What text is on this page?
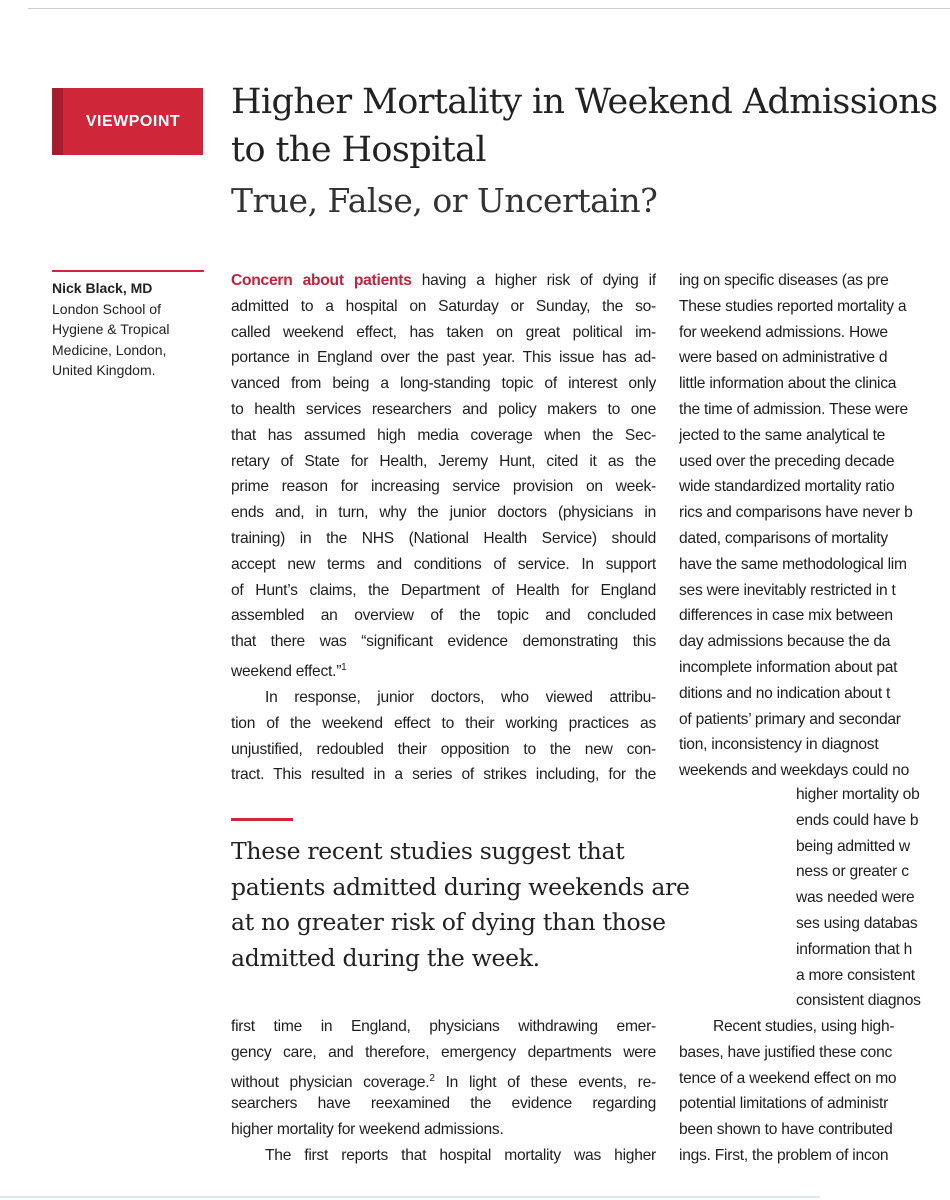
VIEWPOINT	Higher Mortality in Weekend Admissions
to the Hospital
True, False, or Uncertain?
Nick Black, MD
London School of
Hygiene & Tropical
Medicine, London,
United Kingdom.
Concern about patients having a higher risk of dying if
admitted to a hospital on Saturday or Sunday, the so-
called weekend effect, has taken on great political im-
portance in England over the past year. This issue has ad-
vanced from being a long-standing topic of interest only
to health services researchers and policy makers to one
that has assumed high media coverage when the Sec-
retary of State for Health, Jeremy Hunt, cited it as the
prime reason for increasing service provision on week-
ends and, in turn, why the junior doctors (physicians in
training) in the NHS (National Health Service) should
accept new terms and conditions of service. In support
of Hunt’s claims, the Department of Health for England
assembled an overview of the topic and concluded
that there was “significant evidence demonstrating this
weekend effect.”$^1$
In response, junior doctors, who viewed attribu-
tion of the weekend effect to their working practices as
unjustified, redoubled their opposition to the new con-
tract. This resulted in a series of strikes including, for the
ing on specific diseases (as pre
These studies reported mortality a
for weekend admissions. Howe
were based on administrative d
little information about the clinica
the time of admission. These were
jected to the same analytical te
used over the preceding decade
wide standardized mortality ratio
rics and comparisons have never b
dated, comparisons of mortality
have the same methodological lim
ses were inevitably restricted in t
differences in case mix between
day admissions because the da
incomplete information about pat
ditions and no indication about t
of patients’ primary and secondar
tion, inconsistency in diagnost
weekends and weekdays could no
These recent studies suggest that
patients admitted during weekends are
at no greater risk of dying than those
admitted during the week.
higher mortality ob
ends could have b
being admitted w
ness or greater c
was needed were
ses using databas
information that h
a more consistent
consistent diagnos
first time in England, physicians withdrawing emer-
gency care, and therefore, emergency departments were
without physician coverage.$^2$ In light of these events, re-
searchers have reexamined the evidence regarding
higher mortality for weekend admissions.
The first reports that hospital mortality was higher
Recent studies, using high-
bases, have justified these conc
tence of a weekend effect on mo
potential limitations of administr
been shown to have contributed
ings. First, the problem of incon
